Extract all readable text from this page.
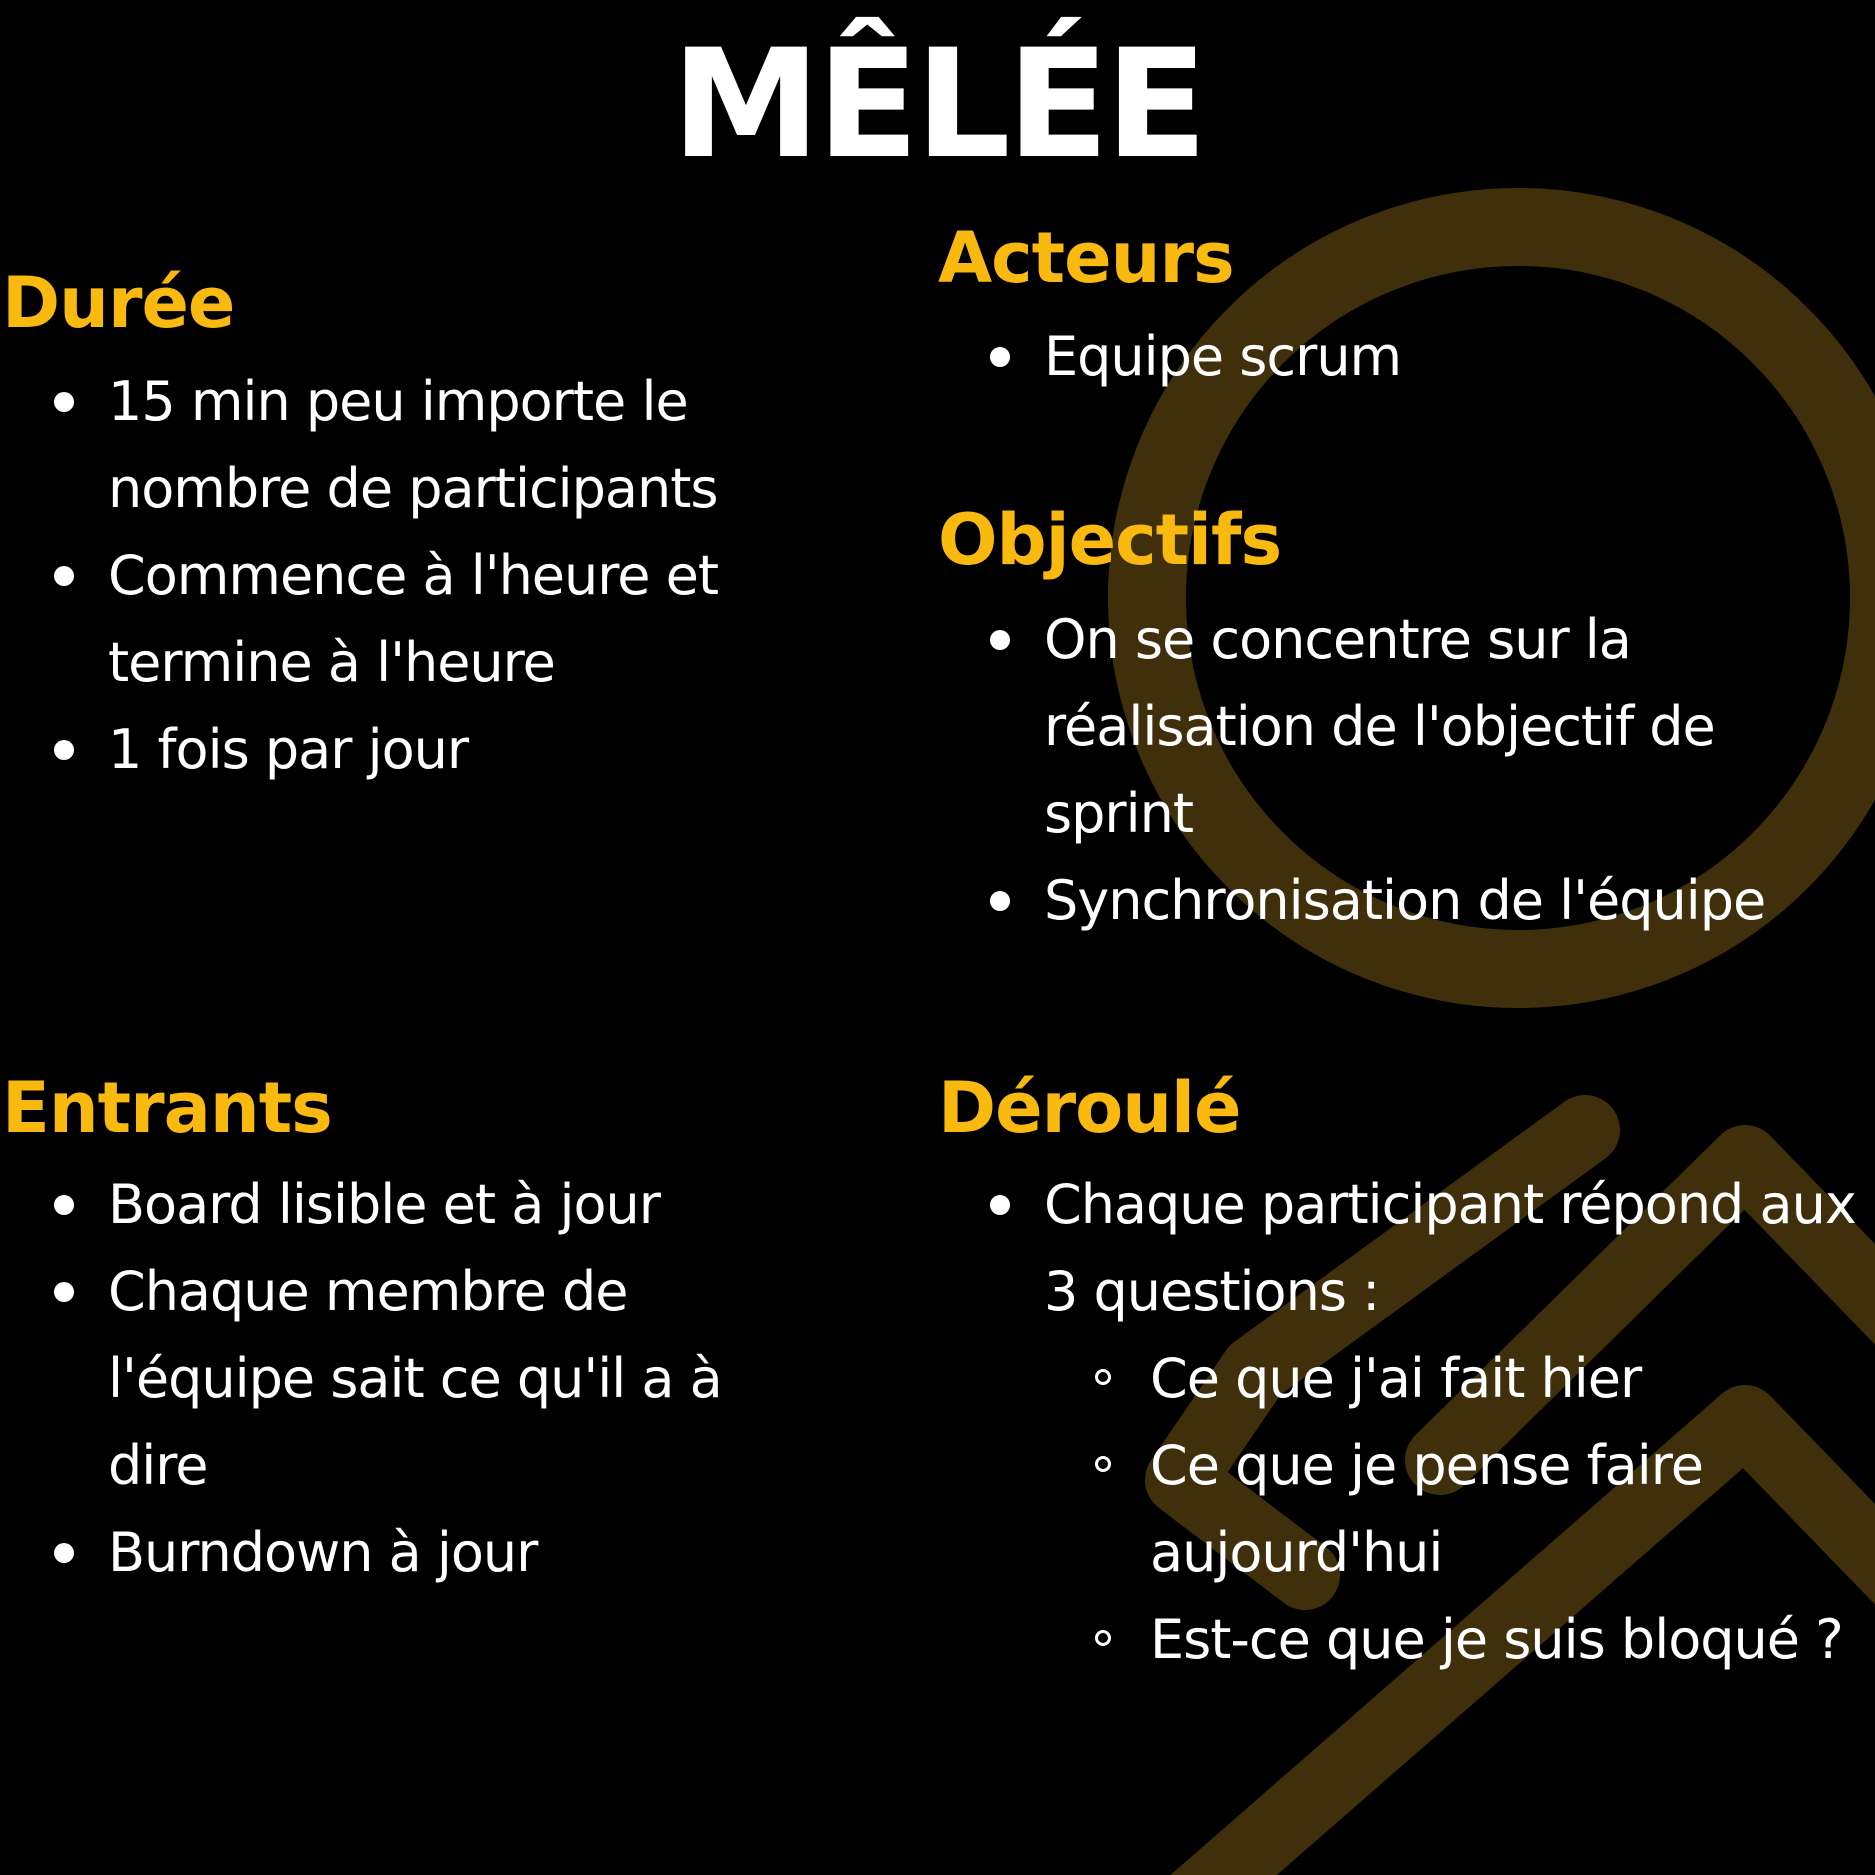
MÊLÉE
Durée
15 min peu importe le nombre de participants
Commence à l'heure et termine à l'heure
1 fois par jour
Acteurs
Equipe scrum
Objectifs
On se concentre sur la réalisation de l'objectif de sprint
Synchronisation de l'équipe
Entrants
Board lisible et à jour
Chaque membre de l'équipe sait ce qu'il a à dire
Burndown à jour
Déroulé
Chaque participant répond aux 3 questions :
Ce que j'ai fait hier
Ce que je pense faire aujourd'hui
Est-ce que je suis bloqué ?
